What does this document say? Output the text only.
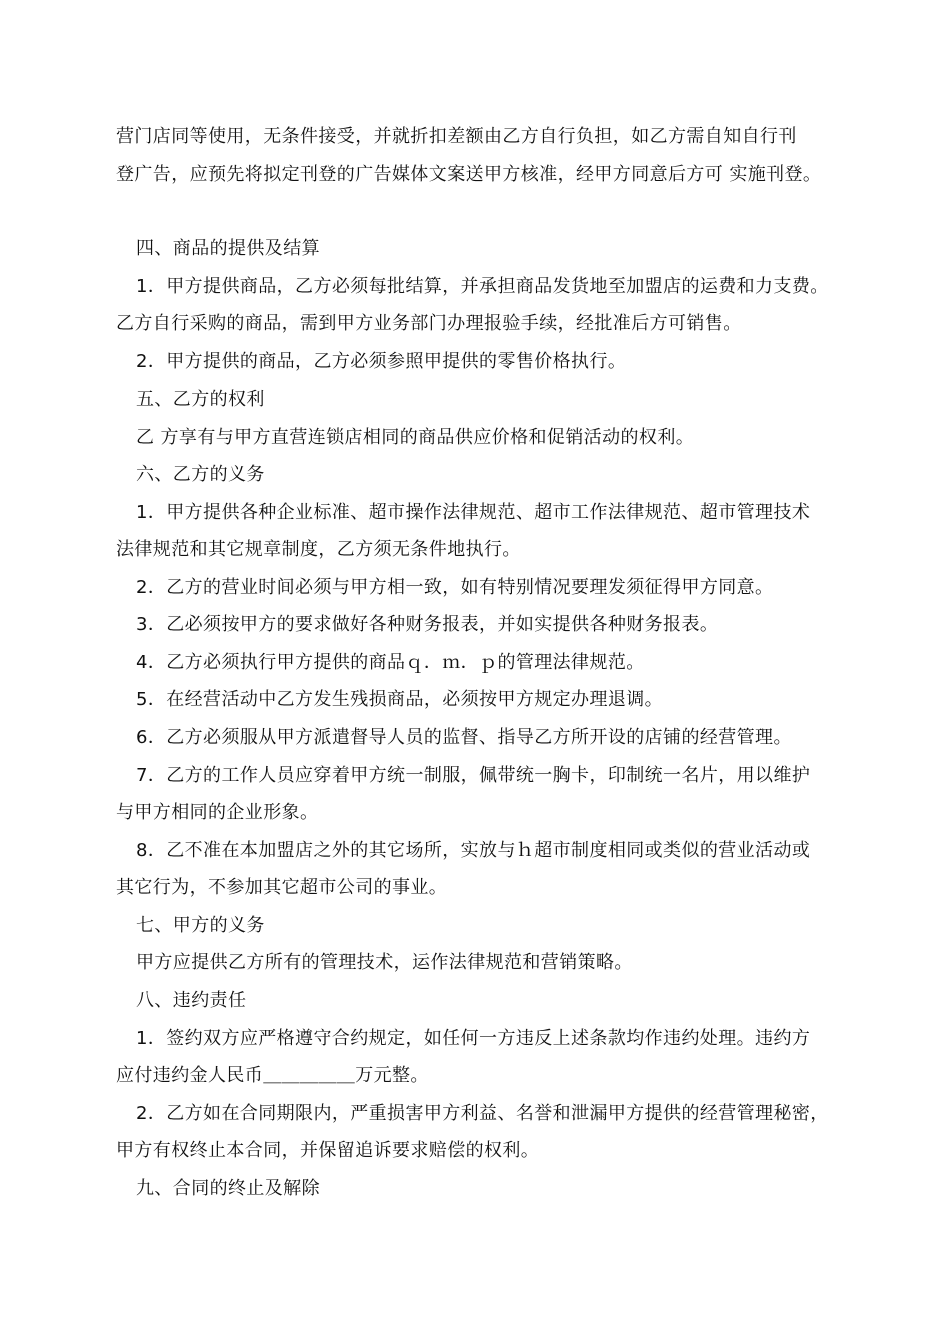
营门店同等使用，无条件接受，并就折扣差额由乙方自行负担，如乙方需自知自行刊
登广告，应预先将拟定刊登的广告媒体文案送甲方核准，经甲方同意后方可 实施刊登。
四、商品的提供及结算
1．甲方提供商品，乙方必须每批结算，并承担商品发货地至加盟店的运费和力支费。
乙方自行采购的商品，需到甲方业务部门办理报验手续，经批准后方可销售。
2．甲方提供的商品，乙方必须参照甲提供的零售价格执行。
五、乙方的权利
乙 方享有与甲方直营连锁店相同的商品供应价格和促销活动的权利。
六、乙方的义务
1．甲方提供各种企业标准、超市操作法律规范、超市工作法律规范、超市管理技术
法律规范和其它规章制度，乙方须无条件地执行。
2．乙方的营业时间必须与甲方相一致，如有特别情况要理发须征得甲方同意。
3．乙必须按甲方的要求做好各种财务报表，并如实提供各种财务报表。
4．乙方必须执行甲方提供的商品ｑ．ｍ．ｐ的管理法律规范。
5．在经营活动中乙方发生残损商品，必须按甲方规定办理退调。
6．乙方必须服从甲方派遣督导人员的监督、指导乙方所开设的店铺的经营管理。
7．乙方的工作人员应穿着甲方统一制服，佩带统一胸卡，印制统一名片，用以维护
与甲方相同的企业形象。
8．乙不准在本加盟店之外的其它场所，实放与ｈ超市制度相同或类似的营业活动或
其它行为，不参加其它超市公司的事业。
七、甲方的义务
甲方应提供乙方所有的管理技术，运作法律规范和营销策略。
八、违约责任
1．签约双方应严格遵守合约规定，如任何一方违反上述条款均作违约处理。违约方
应付违约金人民币＿＿＿＿＿万元整。
2．乙方如在合同期限内，严重损害甲方利益、名誉和泄漏甲方提供的经营管理秘密，
甲方有权终止本合同，并保留追诉要求赔偿的权利。
九、合同的终止及解除
